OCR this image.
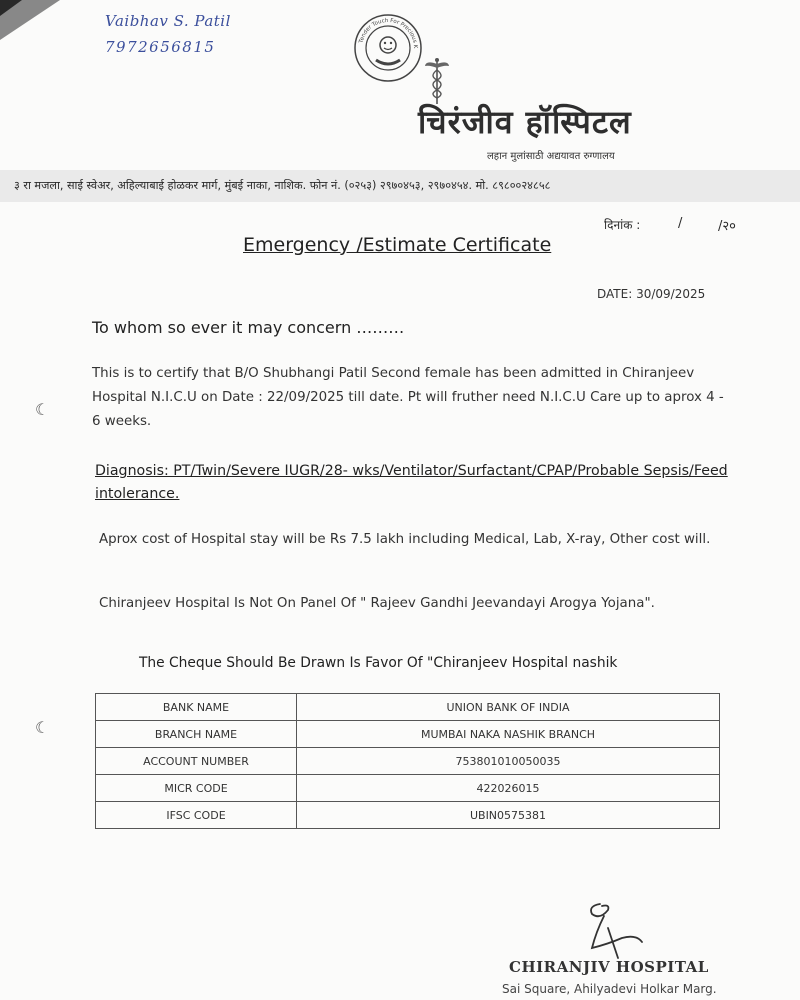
Vaibhav S. Patil
7972656815	Tender Touch For Precious K
चिरंजीव हॉस्पिटल
लहान मुलांसाठी अद्ययावत रुग्णालय
३ रा मजला, साई स्वेअर, अहिल्याबाई होळकर मार्ग, मुंबई नाका, नाशिक. फोन नं. (०२५३) २९७०४५३, २९७०४५४. मो. ८९८००२४८५८
दिनांक :	/	/२०
Emergency /Estimate Certificate
DATE: 30/09/2025
To whom so ever it may concern ………
This is to certify that B/O Shubhangi Patil Second female has been admitted in Chiranjeev Hospital N.I.C.U on Date : 22/09/2025 till date. Pt will fruther need N.I.C.U Care up to aprox 4 - 6 weeks.
Diagnosis: PT/Twin/Severe IUGR/28- wks/Ventilator/Surfactant/CPAP/Probable Sepsis/Feed intolerance.
Aprox cost of Hospital stay will be Rs 7.5 lakh including Medical, Lab, X-ray, Other cost will.
Chiranjeev Hospital Is Not On Panel Of " Rajeev Gandhi Jeevandayi Arogya Yojana".
The Cheque Should Be Drawn Is Favor Of "Chiranjeev Hospital nashik
BANK NAME	UNION BANK OF INDIA
BRANCH NAME	MUMBAI NAKA NASHIK BRANCH
ACCOUNT NUMBER	753801010050035
MICR CODE	422026015
IFSC CODE	UBIN0575381
☾
☾
CHIRANJIV HOSPITAL
Sai Square, Ahilyadevi Holkar Marg.
